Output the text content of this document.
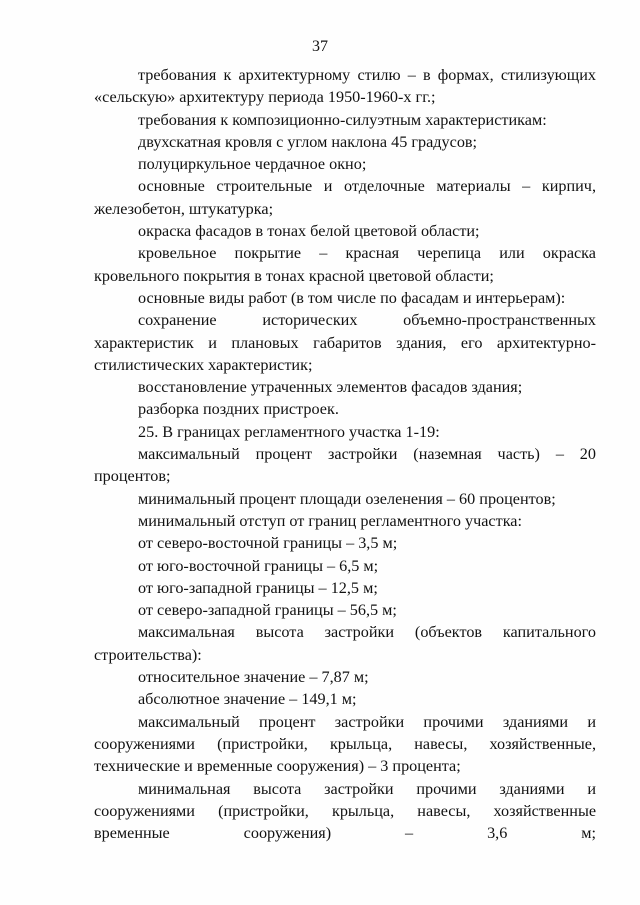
37

требования к архитектурному стилю – в формах, стилизующих «сельскую» архитектуру периода 1950-1960-х гг.;

требования к композиционно-силуэтным характеристикам:

двухскатная кровля с углом наклона 45 градусов;

полуциркульное чердачное окно;

основные строительные и отделочные материалы – кирпич, железобетон, штукатурка;

окраска фасадов в тонах белой цветовой области;

кровельное покрытие – красная черепица или окраска кровельного покрытия в тонах красной цветовой области;

основные виды работ (в том числе по фасадам и интерьерам):

сохранение исторических объемно-пространственных характеристик и плановых габаритов здания, его архитектурно-стилистических характеристик;

восстановление утраченных элементов фасадов здания;

разборка поздних пристроек.

25. В границах регламентного участка 1-19:

максимальный процент застройки (наземная часть) – 20 процентов;

минимальный процент площади озеленения – 60 процентов;

минимальный отступ от границ регламентного участка:

от северо-восточной границы – 3,5 м;

от юго-восточной границы – 6,5 м;

от юго-западной границы – 12,5 м;

от северо-западной границы – 56,5 м;

максимальная высота застройки (объектов капитального строительства):

относительное значение – 7,87 м;

абсолютное значение – 149,1 м;

максимальный процент застройки прочими зданиями и сооружениями (пристройки, крыльца, навесы, хозяйственные, технические и временные сооружения) – 3 процента;

минимальная высота застройки прочими зданиями и сооружениями (пристройки, крыльца, навесы, хозяйственные временные сооружения) – 3,6 м;
